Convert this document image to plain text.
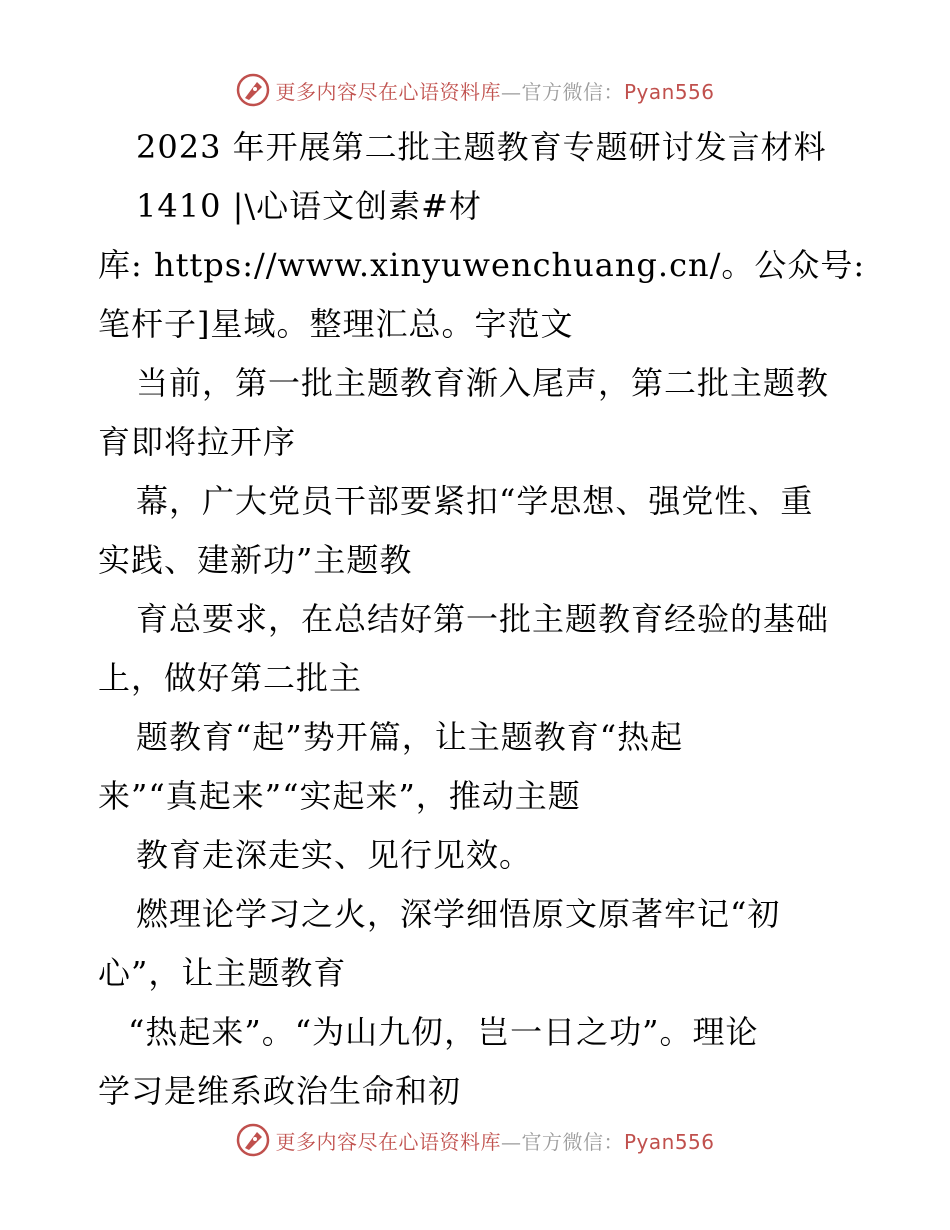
更多内容尽在心语资料库—官方微信：Pyan556
2023 年开展第二批主题教育专题研讨发言材料
1410 |\心语文创素#材
库: https://www.xinyuwenchuang.cn/。公众号:
笔杆子]星域。整理汇总。字范文
当前，第一批主题教育渐入尾声，第二批主题教
育即将拉开序
幕，广大党员干部要紧扣“学思想、强党性、重
实践、建新功”主题教
育总要求，在总结好第一批主题教育经验的基础
上，做好第二批主
题教育“起”势开篇，让主题教育“热起
来”“真起来”“实起来”，推动主题
教育走深走实、见行见效。
燃理论学习之火，深学细悟原文原著牢记“初
心”，让主题教育
“热起来”。“为山九仞，岂一日之功”。理论
学习是维系政治生命和初
更多内容尽在心语资料库—官方微信：Pyan556
